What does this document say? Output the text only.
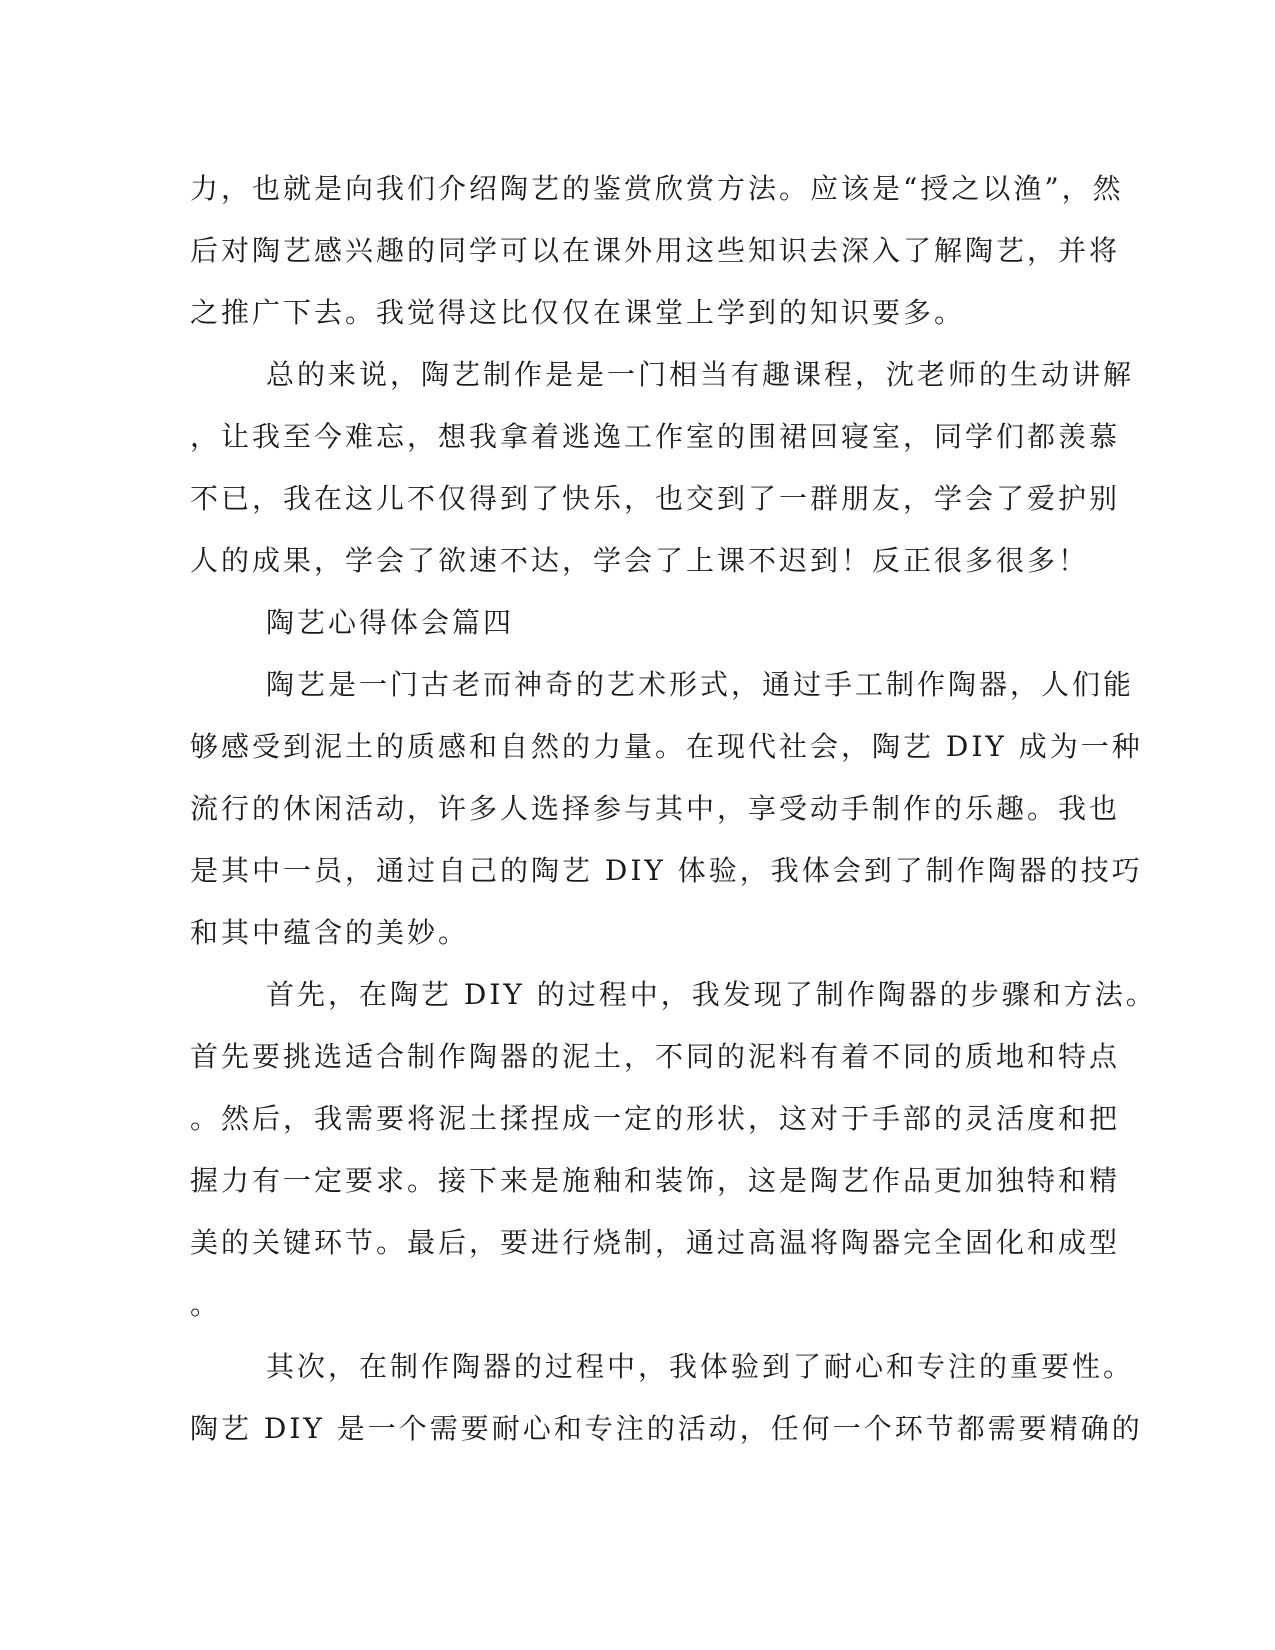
力，也就是向我们介绍陶艺的鉴赏欣赏方法。应该是“授之以渔”，然
后对陶艺感兴趣的同学可以在课外用这些知识去深入了解陶艺，并将
之推广下去。我觉得这比仅仅在课堂上学到的知识要多。
总的来说，陶艺制作是是一门相当有趣课程，沈老师的生动讲解
，让我至今难忘，想我拿着逃逸工作室的围裙回寝室，同学们都羡慕
不已，我在这儿不仅得到了快乐，也交到了一群朋友，学会了爱护别
人的成果，学会了欲速不达，学会了上课不迟到！反正很多很多！
陶艺心得体会篇四
陶艺是一门古老而神奇的艺术形式，通过手工制作陶器，人们能
够感受到泥土的质感和自然的力量。在现代社会，陶艺 DIY 成为一种
流行的休闲活动，许多人选择参与其中，享受动手制作的乐趣。我也
是其中一员，通过自己的陶艺 DIY 体验，我体会到了制作陶器的技巧
和其中蕴含的美妙。
首先，在陶艺 DIY 的过程中，我发现了制作陶器的步骤和方法。
首先要挑选适合制作陶器的泥土，不同的泥料有着不同的质地和特点
。然后，我需要将泥土揉捏成一定的形状，这对于手部的灵活度和把
握力有一定要求。接下来是施釉和装饰，这是陶艺作品更加独特和精
美的关键环节。最后，要进行烧制，通过高温将陶器完全固化和成型
。
其次，在制作陶器的过程中，我体验到了耐心和专注的重要性。
陶艺 DIY 是一个需要耐心和专注的活动，任何一个环节都需要精确的
